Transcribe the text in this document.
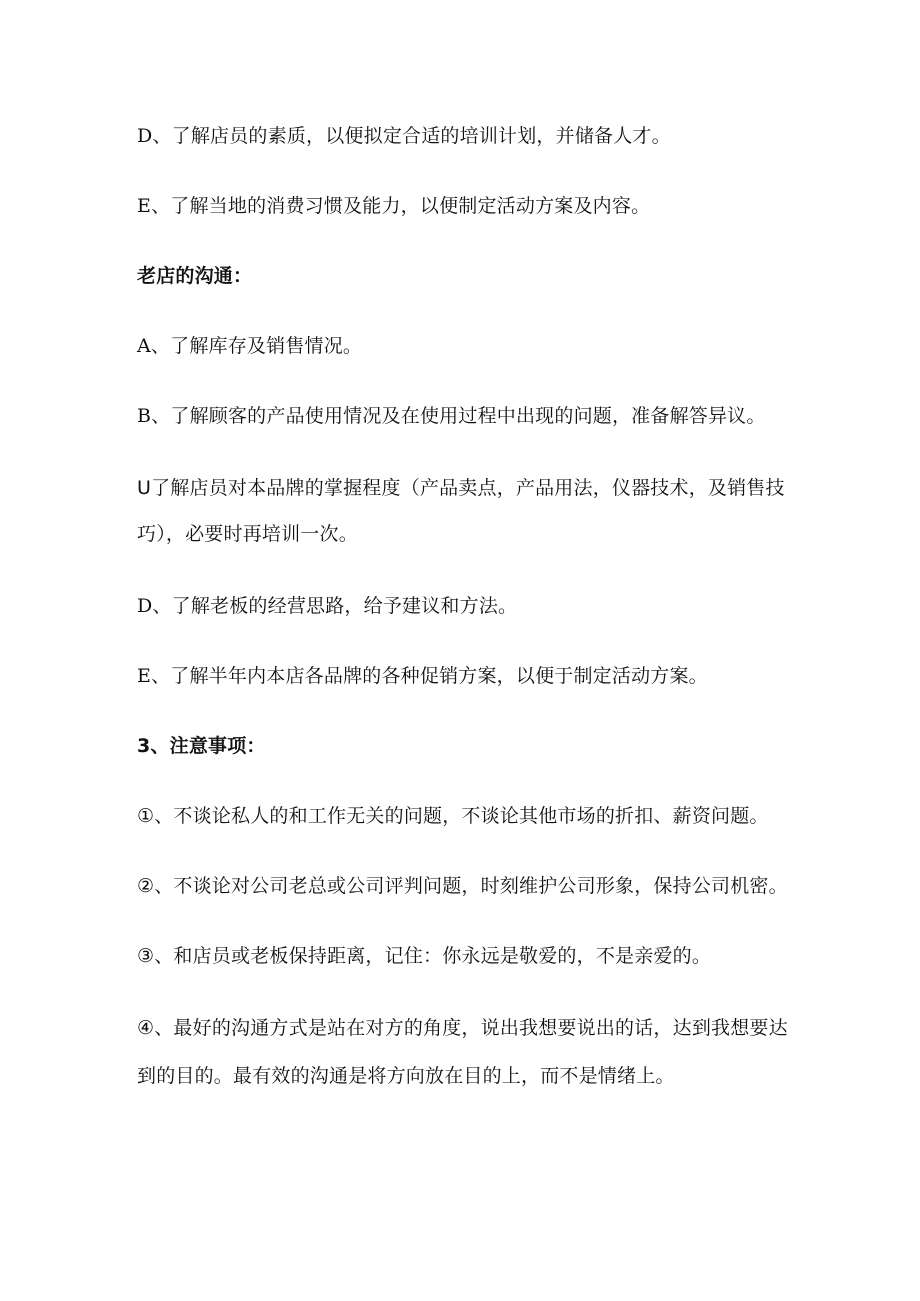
D、了解店员的素质，以便拟定合适的培训计划，并储备人才。
E、了解当地的消费习惯及能力，以便制定活动方案及内容。
老店的沟通：
A、了解库存及销售情况。
B、了解顾客的产品使用情况及在使用过程中出现的问题，准备解答异议。
U了解店员对本品牌的掌握程度（产品卖点，产品用法，仪器技术，及销售技
巧），必要时再培训一次。
D、了解老板的经营思路，给予建议和方法。
E、了解半年内本店各品牌的各种促销方案，以便于制定活动方案。
3、注意事项：
①、不谈论私人的和工作无关的问题，不谈论其他市场的折扣、薪资问题。
②、不谈论对公司老总或公司评判问题，时刻维护公司形象，保持公司机密。
③、和店员或老板保持距离，记住：你永远是敬爱的，不是亲爱的。
④、最好的沟通方式是站在对方的角度，说出我想要说出的话，达到我想要达
到的目的。最有效的沟通是将方向放在目的上，而不是情绪上。
